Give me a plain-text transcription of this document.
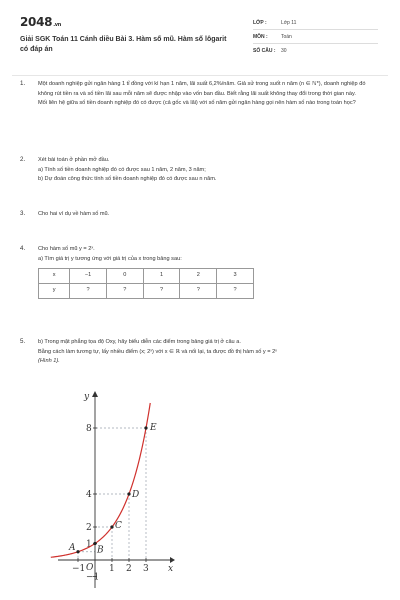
2048.vn
Giải SGK Toán 11 Cánh diều Bài 3. Hàm số mũ. Hàm số lôgarit có đáp án
LỚP :	Lớp 11
MÔN :	Toán
SỐ CÂU :	30
1. Một doanh nghiệp gửi ngân hàng 1 tỉ đồng với kì hạn 1 năm, lãi suất 6,2%/năm. Giả sử trong suốt n năm (n ∈ ℕ*), doanh nghiệp đó không rút tiền ra và số tiền lãi sau mỗi năm sẽ được nhập vào vốn ban đầu. Biết rằng lãi suất không thay đổi trong thời gian này.
Mối liên hệ giữa số tiền doanh nghiệp đó có được (cả gốc và lãi) với số năm gửi ngân hàng gọi nên hàm số nào trong toán học?
2. Xét bài toán ở phần mở đầu.
a) Tính số tiền doanh nghiệp đó có được sau 1 năm, 2 năm, 3 năm;
b) Dự đoán công thức tính số tiền doanh nghiệp đó có được sau n năm.
3. Cho hai ví dụ về hàm số mũ.
4. Cho hàm số mũ y = 2ˣ.
a) Tìm giá trị y tương ứng với giá trị của x trong bảng sau:
x	−1	0	1	2	3
y	?	?	?	?	?
5. b) Trong mặt phẳng tọa độ Oxy, hãy biểu diễn các điểm trong bảng giá trị ở câu a.
Bằng cách làm tương tự, lấy nhiều điểm (x; 2ˣ) với x ∈ ℝ và nối lại, ta được đồ thị hàm số y = 2ˣ
(Hình 1).
y
x
O
8
4
2
1
−1
−1	1 2 3
A B
C
D
E
